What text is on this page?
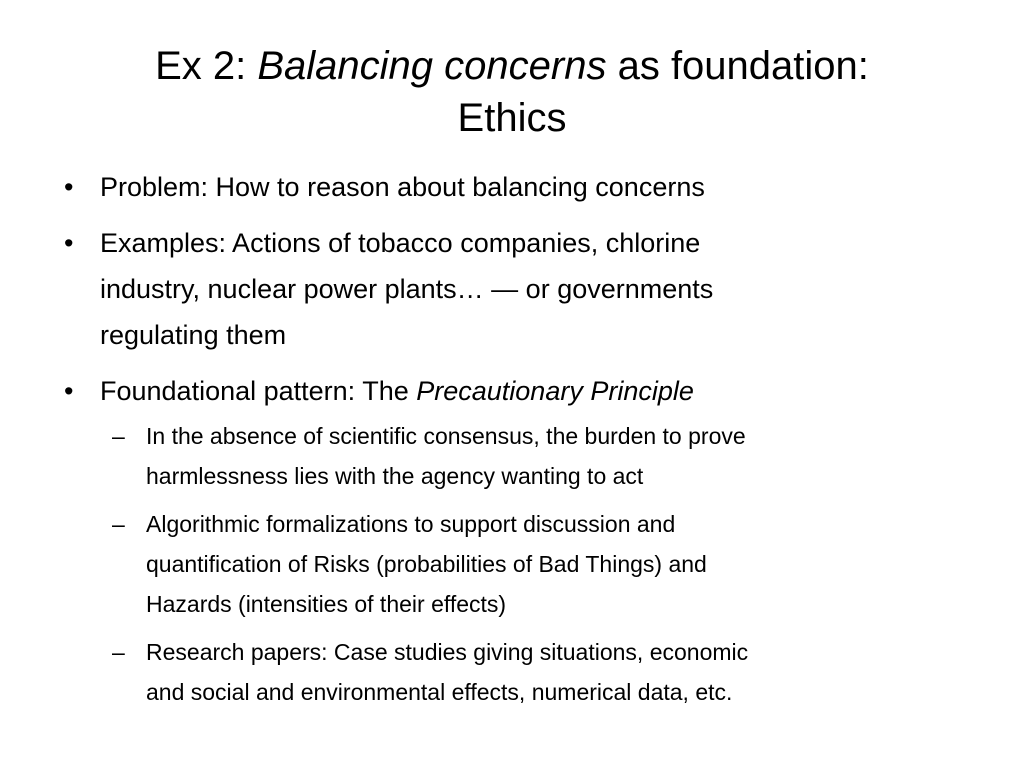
Ex 2: Balancing concerns as foundation:
Ethics
• Problem: How to reason about balancing concerns
• Examples: Actions of tobacco companies, chlorine
industry, nuclear power plants… — or governments
regulating them
• Foundational pattern: The Precautionary Principle
– In the absence of scientific consensus, the burden to prove
harmlessness lies with the agency wanting to act
– Algorithmic formalizations to support discussion and
quantification of Risks (probabilities of Bad Things) and
Hazards (intensities of their effects)
– Research papers: Case studies giving situations, economic
and social and environmental effects, numerical data, etc.
